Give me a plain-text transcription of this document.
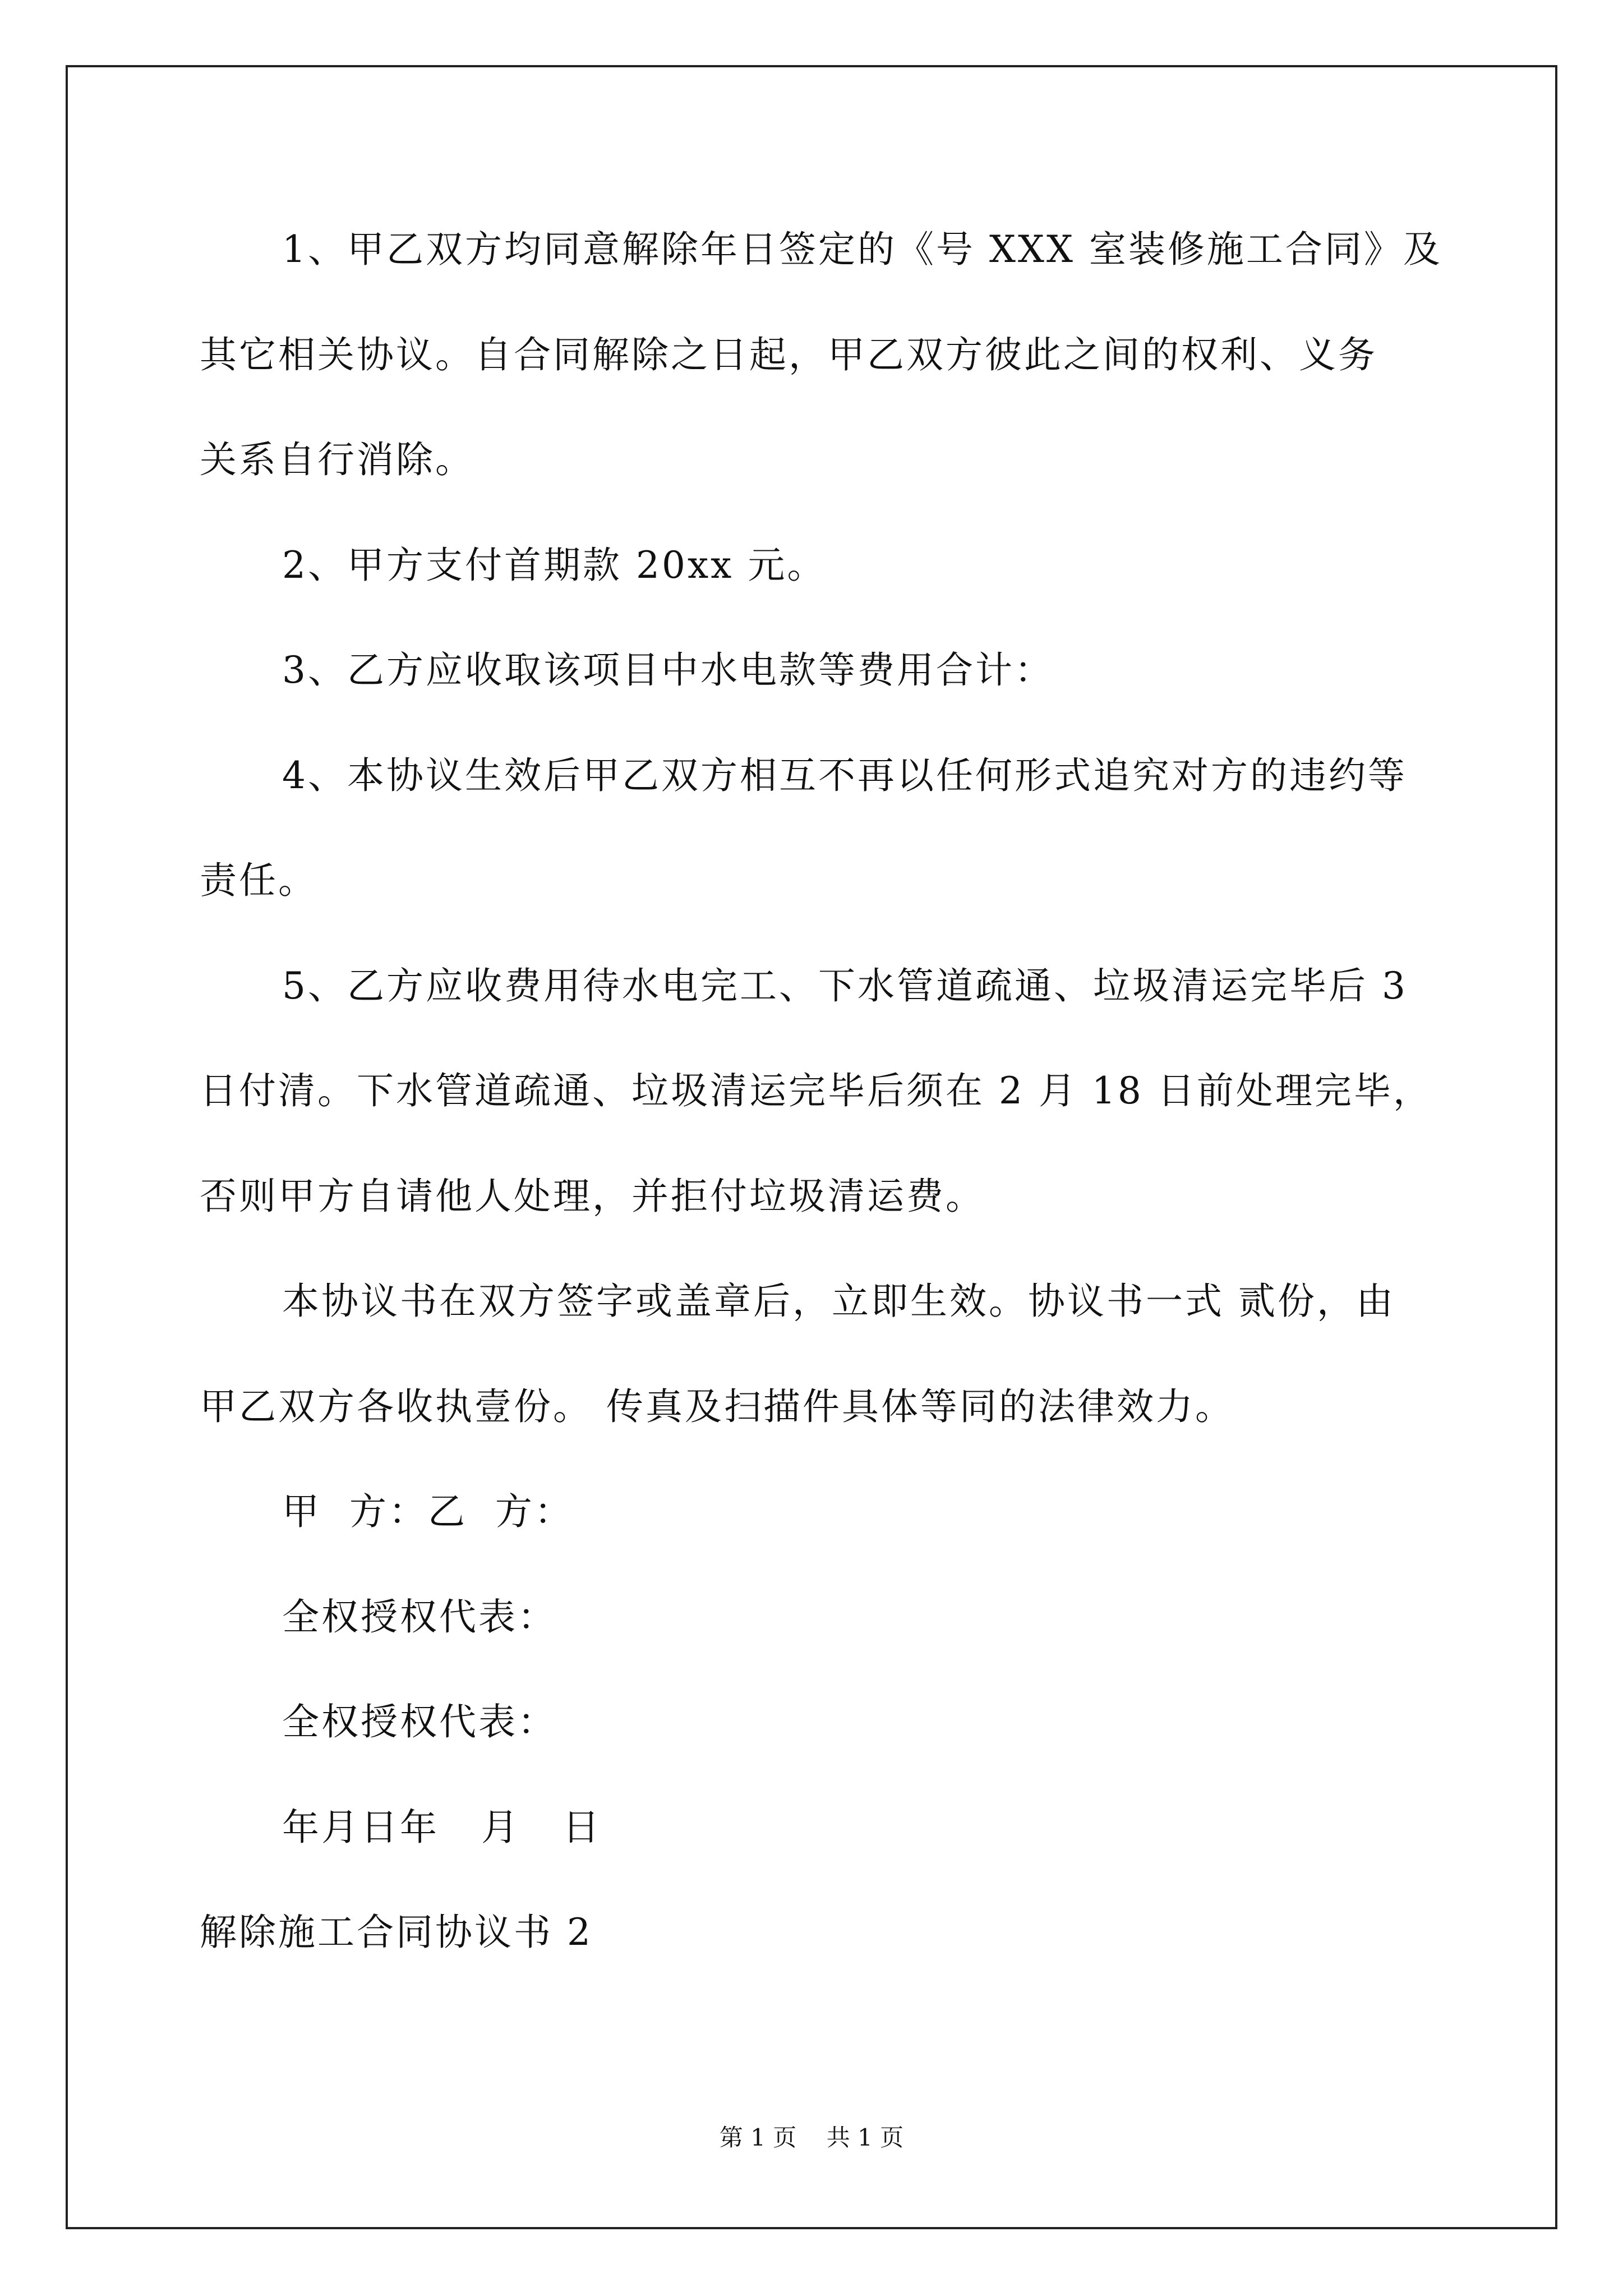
1、甲乙双方均同意解除年日签定的《号 XXX 室装修施工合同》及
其它相关协议。自合同解除之日起，甲乙双方彼此之间的权利、义务
关系自行消除。
2、甲方支付首期款 20xx 元。
3、乙方应收取该项目中水电款等费用合计：
4、本协议生效后甲乙双方相互不再以任何形式追究对方的违约等
责任。
5、乙方应收费用待水电完工、下水管道疏通、垃圾清运完毕后 3
日付清。下水管道疏通、垃圾清运完毕后须在 2 月 18 日前处理完毕，
否则甲方自请他人处理，并拒付垃圾清运费。
本协议书在双方签字或盖章后，立即生效。协议书一式 贰份，由
甲乙双方各收执壹份。 传真及扫描件具体等同的法律效力。
甲  方：乙  方：
全权授权代表：
全权授权代表：
年月日年   月   日
解除施工合同协议书 2
第 1 页    共 1 页
